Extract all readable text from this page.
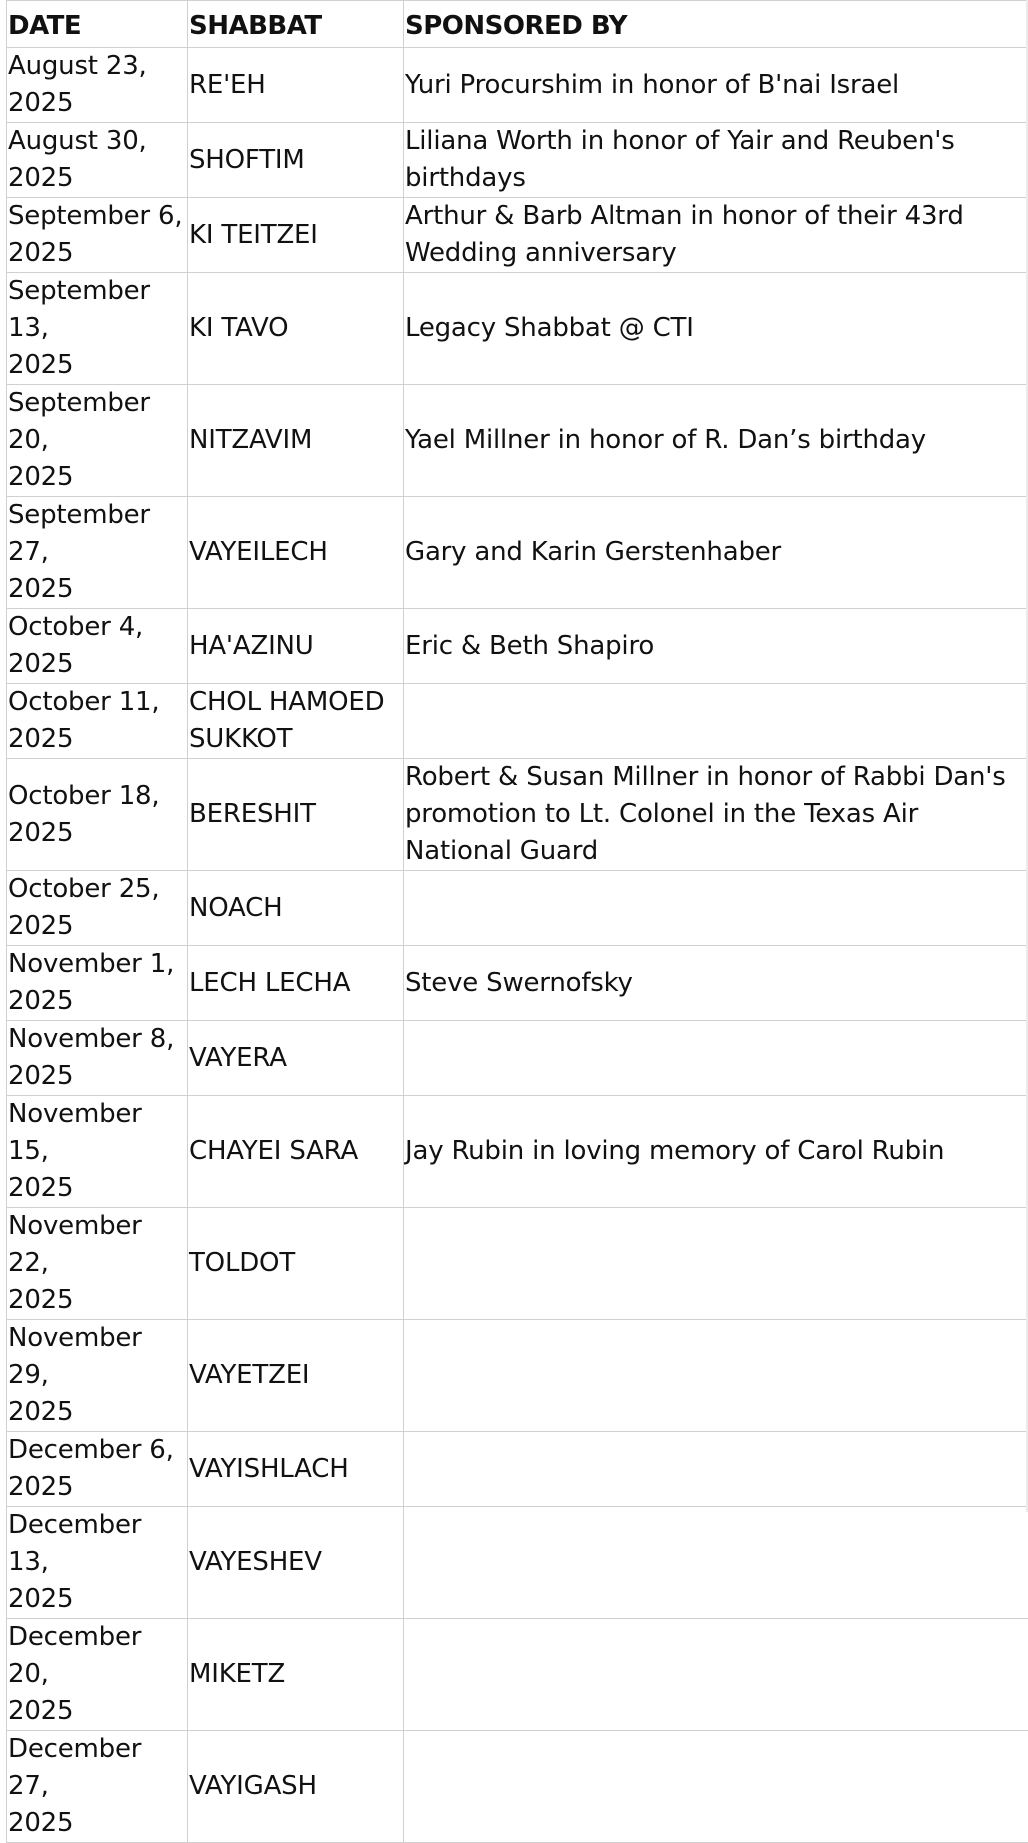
DATE	SHABBAT	SPONSORED BY
August 23,
2025	RE'EH	Yuri Procurshim in honor of B'nai Israel
August 30,
2025	SHOFTIM	Liliana Worth in honor of Yair and Reuben's birthdays
September 6,
2025	KI TEITZEI	Arthur & Barb Altman in honor of their 43rd Wedding anniversary
September 13,
2025	KI TAVO	Legacy Shabbat @ CTI
September 20,
2025	NITZAVIM	Yael Millner in honor of R. Dan’s birthday
September 27,
2025	VAYEILECH	Gary and Karin Gerstenhaber
October 4,
2025	HA'AZINU	Eric & Beth Shapiro
October 11,
2025	CHOL HAMOED SUKKOT	
October 18,
2025	BERESHIT	Robert & Susan Millner in honor of Rabbi Dan's promotion to Lt. Colonel in the Texas Air National Guard
October 25,
2025	NOACH	
November 1,
2025	LECH LECHA	Steve Swernofsky
November 8,
2025	VAYERA	
November 15,
2025	CHAYEI SARA	Jay Rubin in loving memory of Carol Rubin
November 22,
2025	TOLDOT	
November 29,
2025	VAYETZEI	
December 6,
2025	VAYISHLACH	
December 13,
2025	VAYESHEV	
December 20,
2025	MIKETZ	
December 27,
2025	VAYIGASH	
